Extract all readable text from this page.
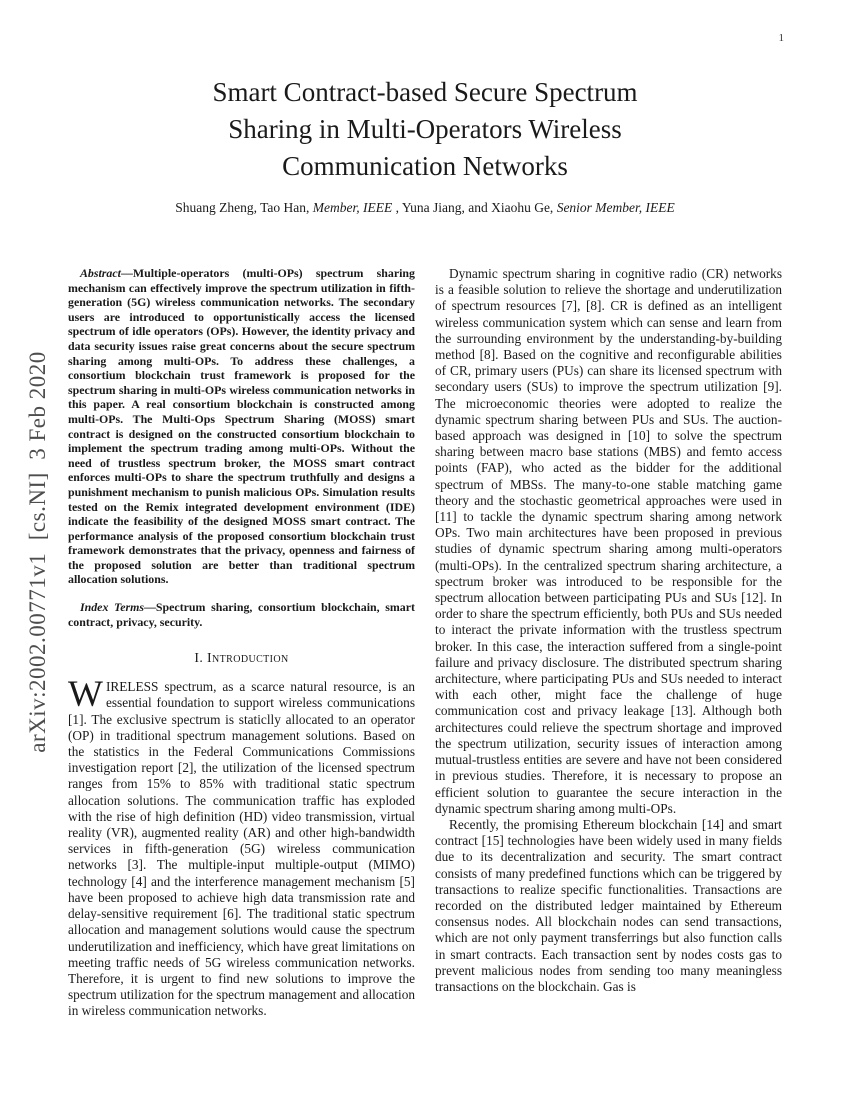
1
arXiv:2002.00771v1  [cs.NI]  3 Feb 2020
Smart Contract-based Secure Spectrum
Sharing in Multi-Operators Wireless
Communication Networks
Shuang Zheng, Tao Han, Member, IEEE , Yuna Jiang, and Xiaohu Ge, Senior Member, IEEE

Abstract—Multiple-operators (multi-OPs) spectrum sharing mechanism can effectively improve the spectrum utilization in fifth-generation (5G) wireless communication networks. The secondary users are introduced to opportunistically access the licensed spectrum of idle operators (OPs). However, the identity privacy and data security issues raise great concerns about the secure spectrum sharing among multi-OPs. To address these challenges, a consortium blockchain trust framework is proposed for the spectrum sharing in multi-OPs wireless communication networks in this paper. A real consortium blockchain is constructed among multi-OPs. The Multi-Ops Spectrum Sharing (MOSS) smart contract is designed on the constructed consortium blockchain to implement the spectrum trading among multi-OPs. Without the need of trustless spectrum broker, the MOSS smart contract enforces multi-OPs to share the spectrum truthfully and designs a punishment mechanism to punish malicious OPs. Simulation results tested on the Remix integrated development environment (IDE) indicate the feasibility of the designed MOSS smart contract. The performance analysis of the proposed consortium blockchain trust framework demonstrates that the privacy, openness and fairness of the proposed solution are better than traditional spectrum allocation solutions.

Index Terms—Spectrum sharing, consortium blockchain, smart contract, privacy, security.

I. Introduction

WIRELESS spectrum, as a scarce natural resource, is an essential foundation to support wireless communications [1]. The exclusive spectrum is staticlly allocated to an operator (OP) in traditional spectrum management solutions. Based on the statistics in the Federal Communications Commissions investigation report [2], the utilization of the licensed spectrum ranges from 15% to 85% with traditional static spectrum allocation solutions. The communication traffic has exploded with the rise of high definition (HD) video transmission, virtual reality (VR), augmented reality (AR) and other high-bandwidth services in fifth-generation (5G) wireless communication networks [3]. The multiple-input multiple-output (MIMO) technology [4] and the interference management mechanism [5] have been proposed to achieve high data transmission rate and delay-sensitive requirement [6]. The traditional static spectrum allocation and management solutions would cause the spectrum underutilization and inefficiency, which have great limitations on meeting traffic needs of 5G wireless communication networks. Therefore, it is urgent to find new solutions to improve the spectrum utilization for the spectrum management and allocation in wireless communication networks.

Dynamic spectrum sharing in cognitive radio (CR) networks is a feasible solution to relieve the shortage and underutilization of spectrum resources [7], [8]. CR is defined as an intelligent wireless communication system which can sense and learn from the surrounding environment by the understanding-by-building method [8]. Based on the cognitive and reconfigurable abilities of CR, primary users (PUs) can share its licensed spectrum with secondary users (SUs) to improve the spectrum utilization [9]. The microeconomic theories were adopted to realize the dynamic spectrum sharing between PUs and SUs. The auction-based approach was designed in [10] to solve the spectrum sharing between macro base stations (MBS) and femto access points (FAP), who acted as the bidder for the additional spectrum of MBSs. The many-to-one stable matching game theory and the stochastic geometrical approaches were used in [11] to tackle the dynamic spectrum sharing among network OPs. Two main architectures have been proposed in previous studies of dynamic spectrum sharing among multi-operators (multi-OPs). In the centralized spectrum sharing architecture, a spectrum broker was introduced to be responsible for the spectrum allocation between participating PUs and SUs [12]. In order to share the spectrum efficiently, both PUs and SUs needed to interact the private information with the trustless spectrum broker. In this case, the interaction suffered from a single-point failure and privacy disclosure. The distributed spectrum sharing architecture, where participating PUs and SUs needed to interact with each other, might face the challenge of huge communication cost and privacy leakage [13]. Although both architectures could relieve the spectrum shortage and improved the spectrum utilization, security issues of interaction among mutual-trustless entities are severe and have not been considered in previous studies. Therefore, it is necessary to propose an efficient solution to guarantee the secure interaction in the dynamic spectrum sharing among multi-OPs.

Recently, the promising Ethereum blockchain [14] and smart contract [15] technologies have been widely used in many fields due to its decentralization and security. The smart contract consists of many predefined functions which can be triggered by transactions to realize specific functionalities. Transactions are recorded on the distributed ledger maintained by Ethereum consensus nodes. All blockchain nodes can send transactions, which are not only payment transferrings but also function calls in smart contracts. Each transaction sent by nodes costs gas to prevent malicious nodes from sending too many meaningless transactions on the blockchain. Gas is
